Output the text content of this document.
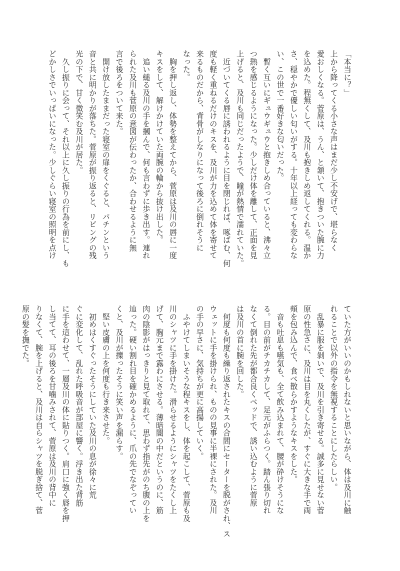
「本当に？」
上から降ってくる小さな声はまだ少し不安げで、堪らなく
愛おしくなる。菅原は、うん、と頷いて、抱きついた腕に力
を込めた。程無くして、及川も抱きしめ返してくれる。温か
さ、穏やかで優しい匂いがする。十年以上経っても変わらな
い、この世で一番好きな匂いだった。
　暫く互いにギュウギュウと抱きしめ合っていると、沸々立
つ熱を感じるようになった。少しだけ体を離して、正面を見
上げると、及川も同じだったようで、瞳が熱情で濡れていた。
　近づいてくる唇に誘われるように目を閉じれば、啄ばむ、何
度も軽く重ねるだけのキスを、及川が力を込めて体を寄せて
来るものだから、背骨がしなりになって後ろに倒れそうに
なった。
　胸を押し返し、体勢を整えてから、菅原は及川の唇に一度
キスをして、解けかけていた両腕の輪から抜け出した。
　追い縋る及川の手を摑んで、何も言わずに歩き出す。連れ
られた及川も菅原の意図が伝わったか、合わせるように無
言で後ろをついて来た。
　開け放したままだった寝室の扉をくぐると、パチンという
音と共に明かりが落ちた。菅原が振り返ると、リビングの残
光の下で、甘く微笑む及川が居た。
　久し振りに会って、それ以上に久し振りの行為を前にし、も
どかしさでいっぱいになった。少しぐらい寝室の照明を点け
ていた方がいいのかもしれないと思いながら、体は及川に触
れることで以外の指令を無視することにしたらしい。
　乱暴に服を剝いで、及川を引き寄せる。誠多に見せない菅
原の性急さに、及川は目を丸くしたが、すぐに大きな手で両
頰を包み込んで、食べ散らかすようなキスをした。
　音も吐息も嚥気も、全て飲み込まれて、腰が砕けそうにな
る。目の前がチカチカして、足元がふらつく。踏ん張り切れ
なくて倒れた先が都合良くベッドで、誘い込むように菅原
は及川の首に腕を回した。
　何度も何度も繰り返されたキスの合間にセーターを脱がされ、ス
ウェットに手を掛けられ、ものの見事に半裸にされた。及川
の手の早さに、気持ちが更に高揚していく。
　ふやけてしまいそうな程キスをし、体を起こして、菅原も及
川のシャツに手を掛けた。滑らせるようにシャツをたくし上
げて、胸元まで露わにさせる。薄暗闇の中だというのに、筋
肉の陰影がはっきりと見て取れて、思わず指先がのち腹の上を
辿った。硬い割れ目を確かめるように、爪の先でなぞってい
くと、及川が擽ったそうに笑い声を漏らす。
　堅い皮膚の上を何度も行き来させた。
　初めはくすぐったそうにしていた及川の息が徐々に荒
ぐに変化して、乱れた呼吸音が部屋に響く。浮き出た背筋
に手を這わせて、一層及川の体に貼りつく。肩口に強く唇を押
し当てて、耳の後ろを甘噛みされて、菅原は及川の背中に
りなくて、腕を上げると、及川は自らシャツを脱ぎ捨て、菅
原の髪を撫でた。
